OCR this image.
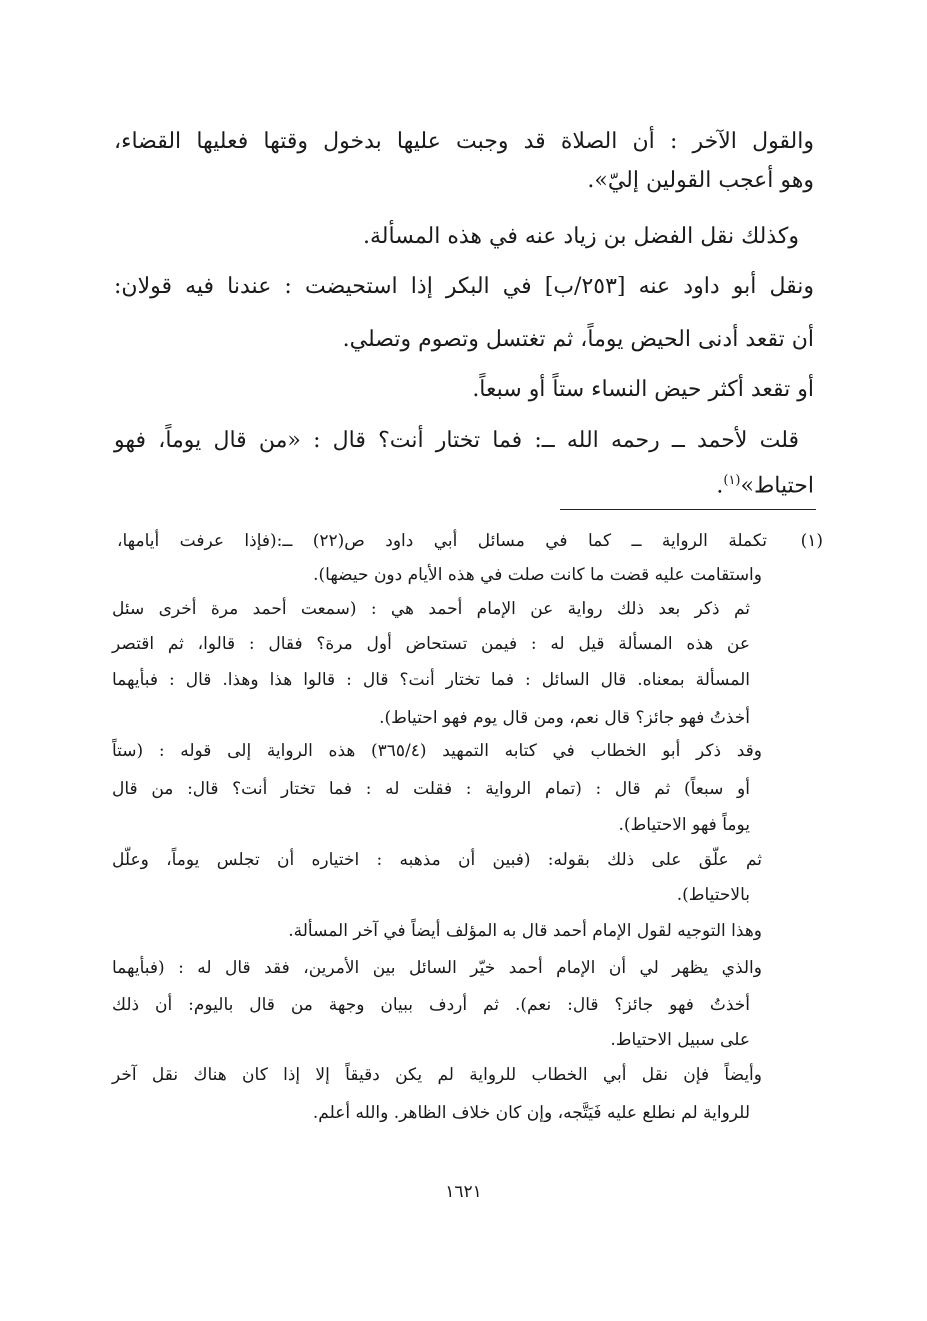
والقول الآخر : أن الصلاة قد وجبت عليها بدخول وقتها فعليها القضاء،

وهو أعجب القولين إليّ».

وكذلك نقل الفضل بن زياد عنه في هذه المسألة.

ونقل أبو داود عنه [٢٥٣/ب] في البكر إذا استحيضت : عندنا فيه قولان:

أن تقعد أدنى الحيض يوماً، ثم تغتسل وتصوم وتصلي.

أو تقعد أكثر حيض النساء ستاً أو سبعاً.

قلت لأحمد ــ رحمه الله ــ: فما تختار أنت؟ قال : «من قال يوماً، فهو

احتياط»$^{(١)}$.

(١)

تكملة الرواية ــ كما في مسائل أبي داود ص(٢٢) ــ:(فإذا عرفت أيامها،

واستقامت عليه قضت ما كانت صلت في هذه الأيام دون حيضها).

ثم ذكر بعد ذلك رواية عن الإمام أحمد هي : (سمعت أحمد مرة أخرى سئل

عن هذه المسألة قيل له : فيمن تستحاض أول مرة؟ فقال : قالوا، ثم اقتصر

المسألة بمعناه. قال السائل : فما تختار أنت؟ قال : قالوا هذا وهذا. قال : فبأيهما

أخذتُ فهو جائز؟ قال نعم، ومن قال يوم فهو احتياط).

وقد ذكر أبو الخطاب في كتابه التمهيد (٣٦٥/٤) هذه الرواية إلى قوله : (ستاً

أو سبعاً) ثم قال : (تمام الرواية : فقلت له : فما تختار أنت؟ قال: من قال

يوماً فهو الاحتياط).

ثم علّق على ذلك بقوله: (فبين أن مذهبه : اختياره أن تجلس يوماً، وعلّل

بالاحتياط).

وهذا التوجيه لقول الإمام أحمد قال به المؤلف أيضاً في آخر المسألة.

والذي يظهر لي أن الإمام أحمد خيّر السائل بين الأمرين، فقد قال له : (فبأيهما

أخذتُ فهو جائز؟ قال: نعم). ثم أردف ببيان وجهة من قال باليوم: أن ذلك

على سبيل الاحتياط.

وأيضاً فإن نقل أبي الخطاب للرواية لم يكن دقيقاً إلا إذا كان هناك نقل آخر

للرواية لم نطلع عليه فَيَتَّجه، وإن كان خلاف الظاهر. والله أعلم.

١٦٢١
